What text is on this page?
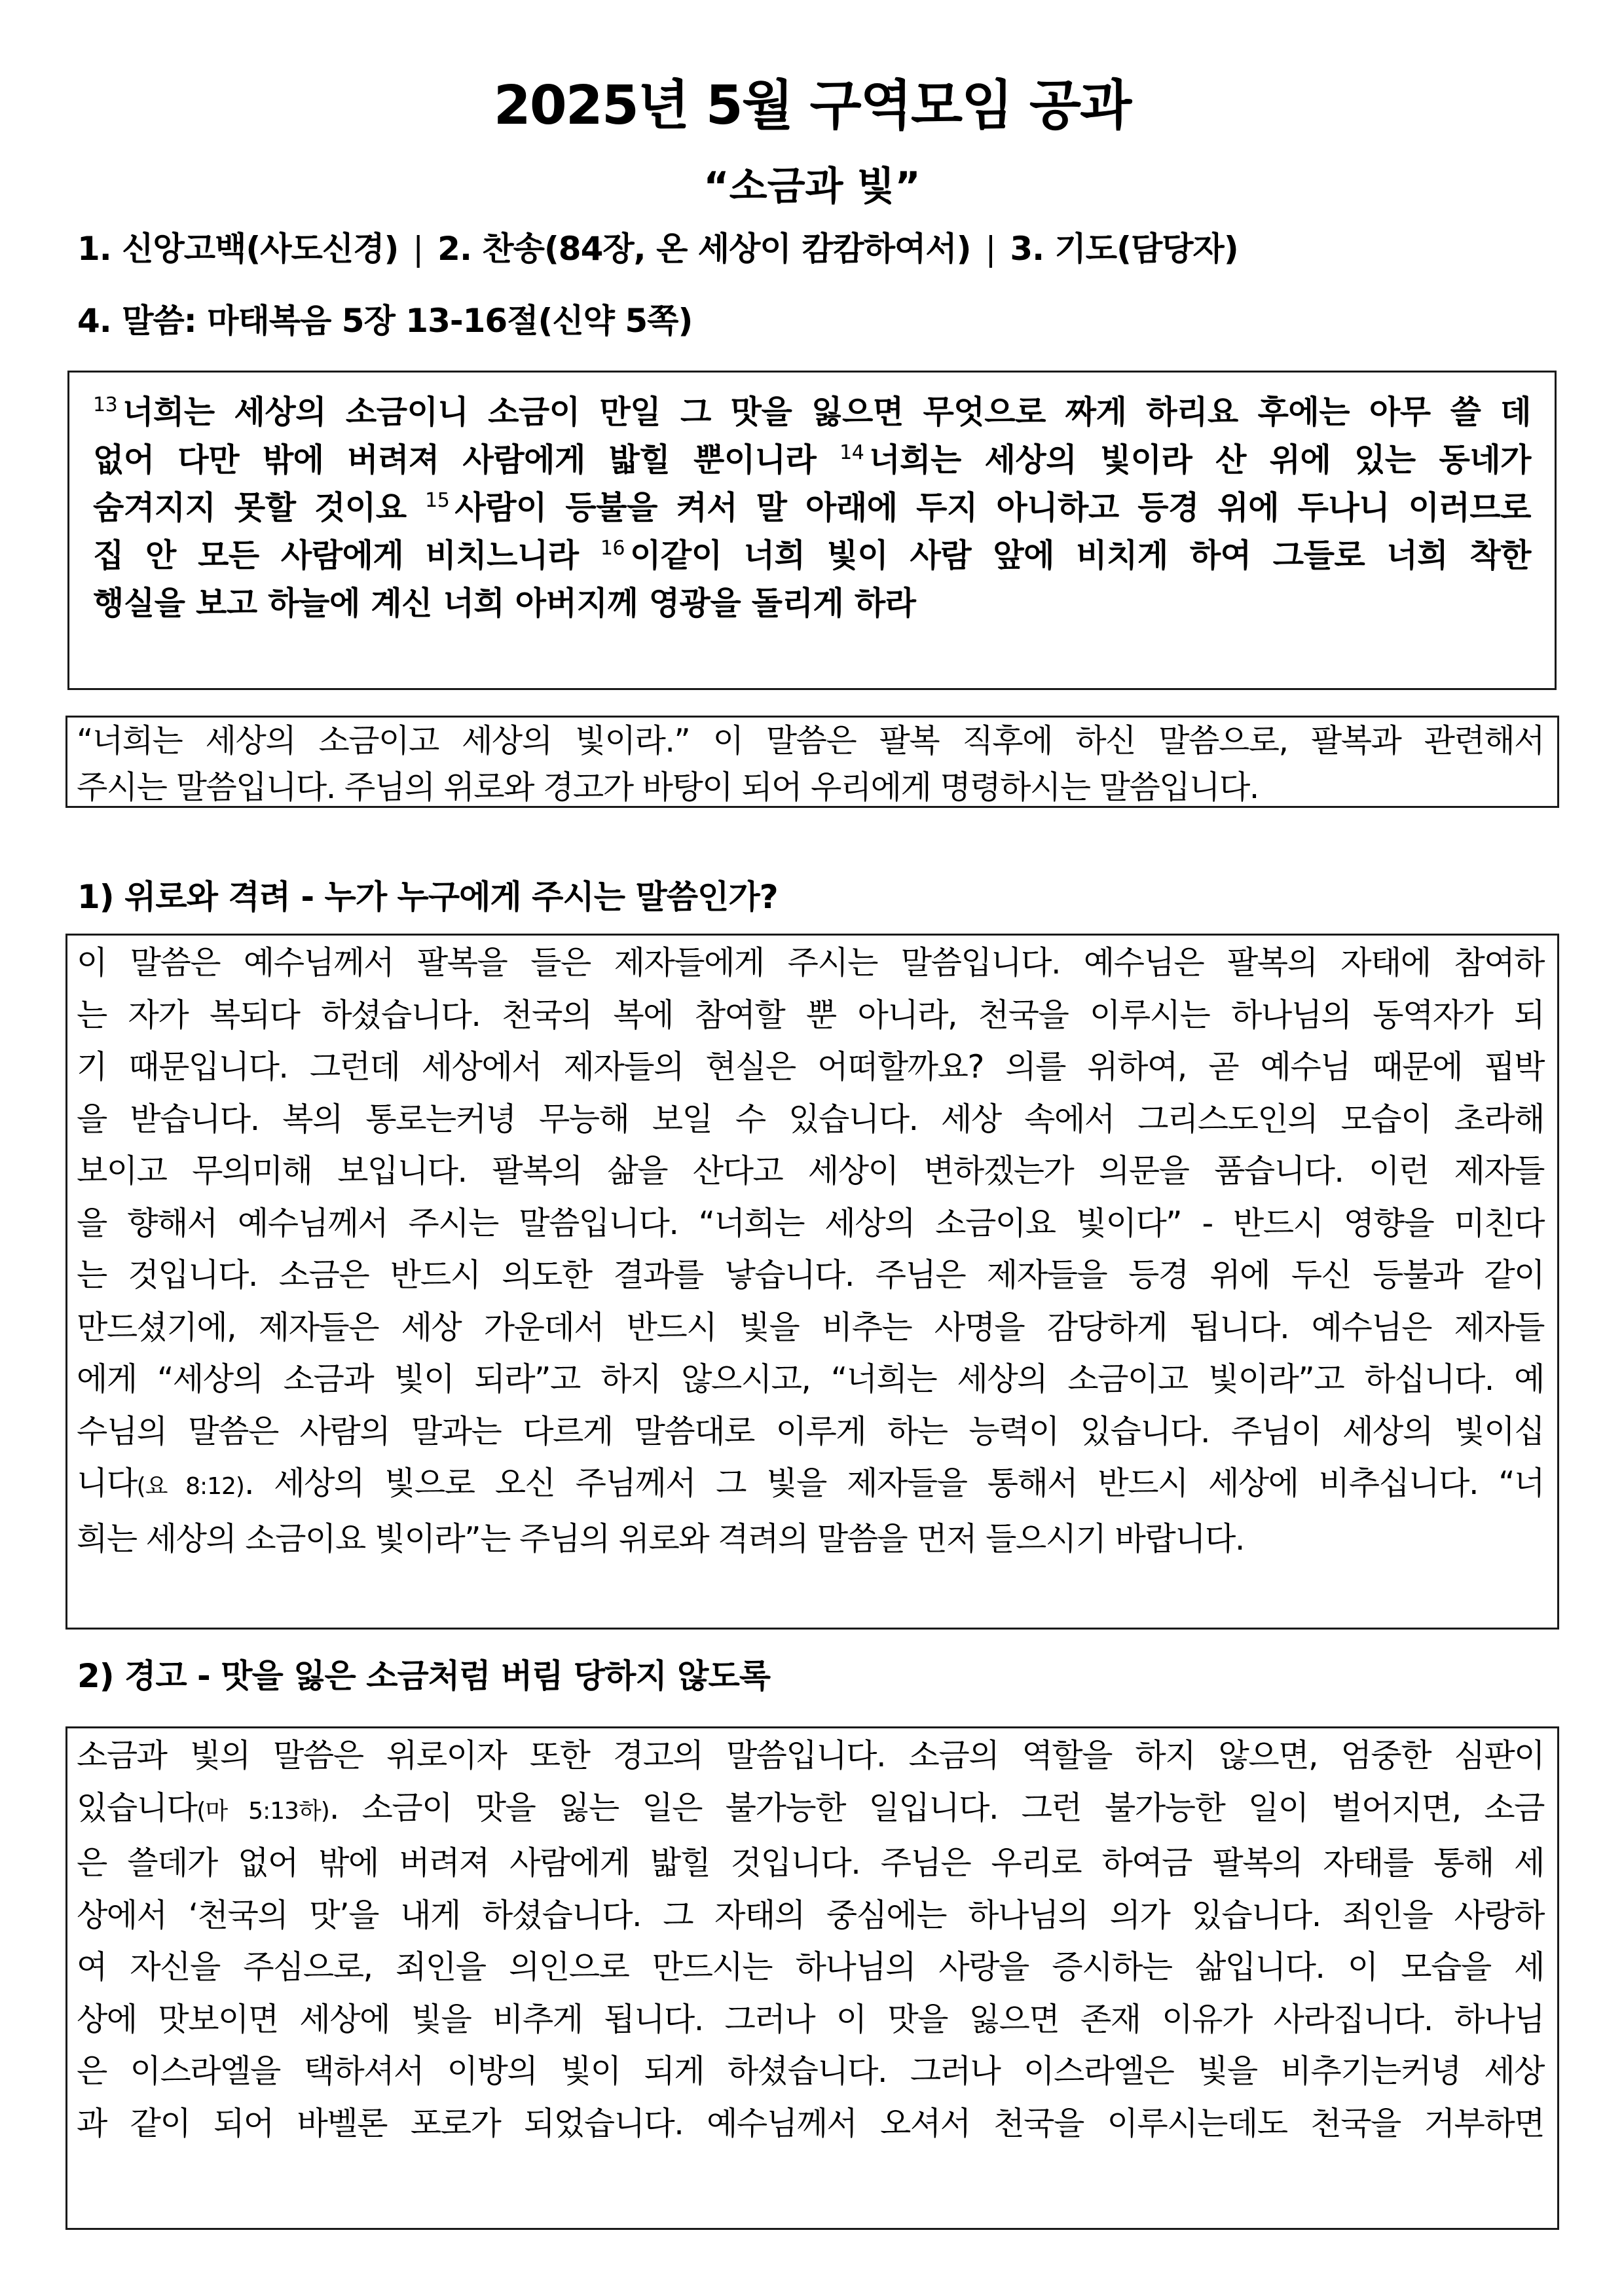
2025년 5월 구역모임 공과
“소금과 빛”
1. 신앙고백(사도신경) | 2. 찬송(84장, 온 세상이 캄캄하여서) | 3. 기도(담당자)
4. 말씀: 마태복음 5장 13-16절(신약 5쪽)
$^{13}$ 너희는 세상의 소금이니 소금이 만일 그 맛을 잃으면 무엇으로 짜게 하리요 후에는 아무 쓸 데
없어 다만 밖에 버려져 사람에게 밟힐 뿐이니라 $^{14}$ 너희는 세상의 빛이라 산 위에 있는 동네가
숨겨지지 못할 것이요 $^{15}$ 사람이 등불을 켜서 말 아래에 두지 아니하고 등경 위에 두나니 이러므로
집 안 모든 사람에게 비치느니라 $^{16}$ 이같이 너희 빛이 사람 앞에 비치게 하여 그들로 너희 착한
행실을 보고 하늘에 계신 너희 아버지께 영광을 돌리게 하라
“너희는 세상의 소금이고 세상의 빛이라.” 이 말씀은 팔복 직후에 하신 말씀으로, 팔복과 관련해서
주시는 말씀입니다. 주님의 위로와 경고가 바탕이 되어 우리에게 명령하시는 말씀입니다.
1) 위로와 격려 - 누가 누구에게 주시는 말씀인가?
이 말씀은 예수님께서 팔복을 들은 제자들에게 주시는 말씀입니다. 예수님은 팔복의 자태에 참여하
는 자가 복되다 하셨습니다. 천국의 복에 참여할 뿐 아니라, 천국을 이루시는 하나님의 동역자가 되
기 때문입니다. 그런데 세상에서 제자들의 현실은 어떠할까요? 의를 위하여, 곧 예수님 때문에 핍박
을 받습니다. 복의 통로는커녕 무능해 보일 수 있습니다. 세상 속에서 그리스도인의 모습이 초라해
보이고 무의미해 보입니다. 팔복의 삶을 산다고 세상이 변하겠는가 의문을 품습니다. 이런 제자들
을 향해서 예수님께서 주시는 말씀입니다. “너희는 세상의 소금이요 빛이다” - 반드시 영향을 미친다
는 것입니다. 소금은 반드시 의도한 결과를 낳습니다. 주님은 제자들을 등경 위에 두신 등불과 같이
만드셨기에, 제자들은 세상 가운데서 반드시 빛을 비추는 사명을 감당하게 됩니다. 예수님은 제자들
에게 “세상의 소금과 빛이 되라”고 하지 않으시고, “너희는 세상의 소금이고 빛이라”고 하십니다. 예
수님의 말씀은 사람의 말과는 다르게 말씀대로 이루게 하는 능력이 있습니다. 주님이 세상의 빛이십
니다(요 8:12). 세상의 빛으로 오신 주님께서 그 빛을 제자들을 통해서 반드시 세상에 비추십니다. “너
희는 세상의 소금이요 빛이라”는 주님의 위로와 격려의 말씀을 먼저 들으시기 바랍니다.
2) 경고 - 맛을 잃은 소금처럼 버림 당하지 않도록
소금과 빛의 말씀은 위로이자 또한 경고의 말씀입니다. 소금의 역할을 하지 않으면, 엄중한 심판이
있습니다(마 5:13하). 소금이 맛을 잃는 일은 불가능한 일입니다. 그런 불가능한 일이 벌어지면, 소금
은 쓸데가 없어 밖에 버려져 사람에게 밟힐 것입니다. 주님은 우리로 하여금 팔복의 자태를 통해 세
상에서 ‘천국의 맛’을 내게 하셨습니다. 그 자태의 중심에는 하나님의 의가 있습니다. 죄인을 사랑하
여 자신을 주심으로, 죄인을 의인으로 만드시는 하나님의 사랑을 증시하는 삶입니다. 이 모습을 세
상에 맛보이면 세상에 빛을 비추게 됩니다. 그러나 이 맛을 잃으면 존재 이유가 사라집니다. 하나님
은 이스라엘을 택하셔서 이방의 빛이 되게 하셨습니다. 그러나 이스라엘은 빛을 비추기는커녕 세상
과 같이 되어 바벨론 포로가 되었습니다. 예수님께서 오셔서 천국을 이루시는데도 천국을 거부하면
